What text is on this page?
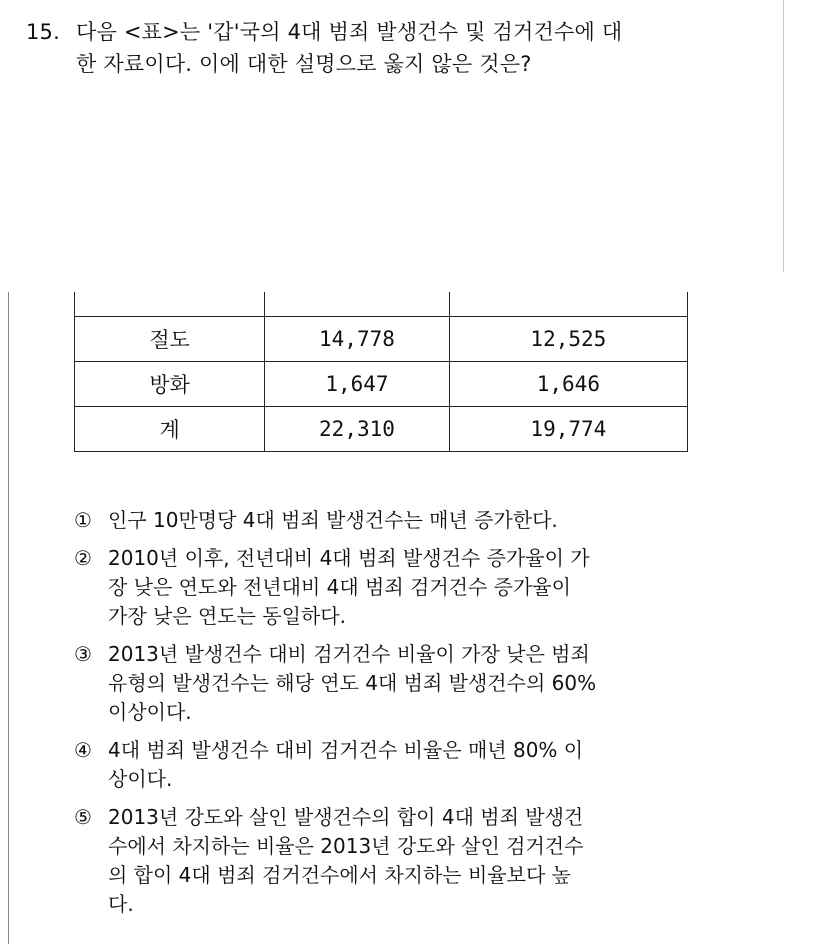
15. 다음 <표>는 '갑'국의 4대 범죄 발생건수 및 검거건수에 대
한 자료이다. 이에 대한 설명으로 옳지 않은 것은?

절도	14,778	12,525
방화	1,647	1,646
계	22,310	19,774
① 인구 10만명당 4대 범죄 발생건수는 매년 증가한다.
② 2010년 이후, 전년대비 4대 범죄 발생건수 증가율이 가
장 낮은 연도와 전년대비 4대 범죄 검거건수 증가율이
가장 낮은 연도는 동일하다.
③ 2013년 발생건수 대비 검거건수 비율이 가장 낮은 범죄
유형의 발생건수는 해당 연도 4대 범죄 발생건수의 60%
이상이다.
④ 4대 범죄 발생건수 대비 검거건수 비율은 매년 80% 이
상이다.
⑤ 2013년 강도와 살인 발생건수의 합이 4대 범죄 발생건
수에서 차지하는 비율은 2013년 강도와 살인 검거건수
의 합이 4대 범죄 검거건수에서 차지하는 비율보다 높
다.
